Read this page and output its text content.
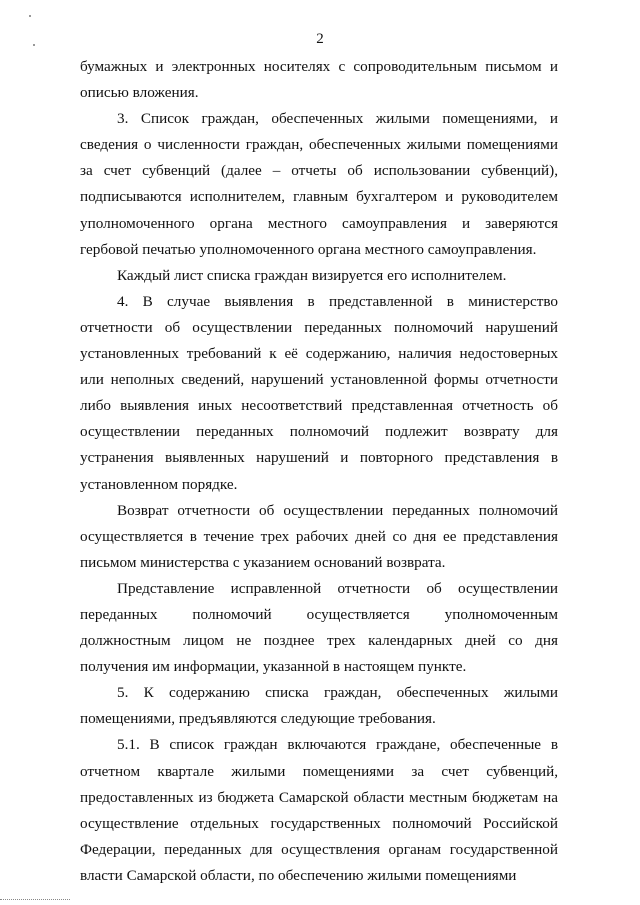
2

бумажных и электронных носителях с сопроводительным письмом и описью вложения.

3. Список граждан, обеспеченных жилыми помещениями, и сведения о численности граждан, обеспеченных жилыми помещениями за счет субвенций (далее – отчеты об использовании субвенций), подписываются исполнителем, главным бухгалтером и руководителем уполномоченного органа местного самоуправления и заверяются гербовой печатью уполномоченного органа местного самоуправления.

Каждый лист списка граждан визируется его исполнителем.

4. В случае выявления в представленной в министерство отчетности об осуществлении переданных полномочий нарушений установленных требований к её содержанию, наличия недостоверных или неполных сведений, нарушений установленной формы отчетности либо выявления иных несоответствий представленная отчетность об осуществлении переданных полномочий подлежит возврату для устранения выявленных нарушений и повторного представления в установленном порядке.

Возврат отчетности об осуществлении переданных полномочий осуществляется в течение трех рабочих дней со дня ее представления письмом министерства с указанием оснований возврата.

Представление исправленной отчетности об осуществлении переданных полномочий осуществляется уполномоченным должностным лицом не позднее трех календарных дней со дня получения им информации, указанной в настоящем пункте.

5. К содержанию списка граждан, обеспеченных жилыми помещениями, предъявляются следующие требования.

5.1. В список граждан включаются граждане, обеспеченные в отчетном квартале жилыми помещениями за счет субвенций, предоставленных из бюджета Самарской области местным бюджетам на осуществление отдельных государственных полномочий Российской Федерации, переданных для осуществления органам государственной власти Самарской области, по обеспечению жилыми помещениями
